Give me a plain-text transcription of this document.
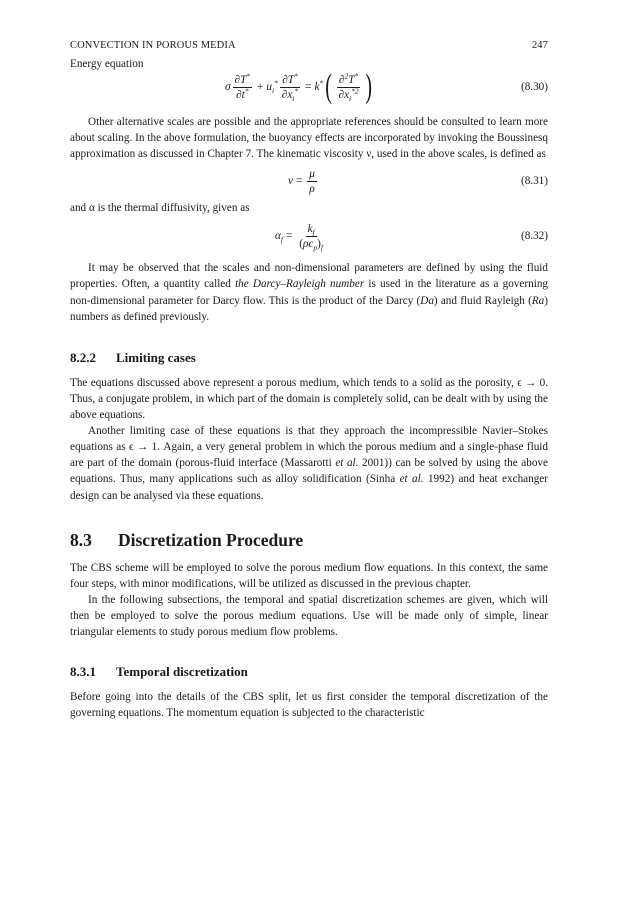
CONVECTION IN POROUS MEDIA	247
Energy equation
σ $\frac{\partial T^*}{\partial t^*} + u_i^* \frac{\partial T^*}{\partial x_i^*} = k^*$ ( $\frac{\partial^2T^*}{\partial x_i^{*2}}$ )	(8.30)

Other alternative scales are possible and the appropriate references should be consulted to learn more about scaling. In the above formulation, the buoyancy effects are incorporated by invoking the Boussinesq approximation as discussed in Chapter 7. The kinematic viscosity ν, used in the above scales, is defined as

$\nu = \frac{\mu}{\rho}$	(8.31)

and α is the thermal diffusivity, given as

$\alpha_f = \frac{k_f}{(\rho c_p)_f}$	(8.32)

It may be observed that the scales and non-dimensional parameters are defined by using the fluid properties. Often, a quantity called the Darcy–Rayleigh number is used in the literature as a governing non-dimensional parameter for Darcy flow. This is the product of the Darcy (Da) and fluid Rayleigh (Ra) numbers as defined previously.

8.2.2 Limiting cases

The equations discussed above represent a porous medium, which tends to a solid as the porosity, ϵ → 0. Thus, a conjugate problem, in which part of the domain is completely solid, can be dealt with by using the above equations.

Another limiting case of these equations is that they approach the incompressible Navier–Stokes equations as ϵ → 1. Again, a very general problem in which the porous medium and a single-phase fluid are part of the domain (porous-fluid interface (Massarotti et al. 2001)) can be solved by using the above equations. Thus, many applications such as alloy solidification (Sinha et al. 1992) and heat exchanger design can be analysed via these equations.

8.3 Discretization Procedure

The CBS scheme will be employed to solve the porous medium flow equations. In this context, the same four steps, with minor modifications, will be utilized as discussed in the previous chapter.

In the following subsections, the temporal and spatial discretization schemes are given, which will then be employed to solve the porous medium equations. Use will be made only of simple, linear triangular elements to study porous medium flow problems.

8.3.1 Temporal discretization

Before going into the details of the CBS split, let us first consider the temporal discretization of the governing equations. The momentum equation is subjected to the characteristic
